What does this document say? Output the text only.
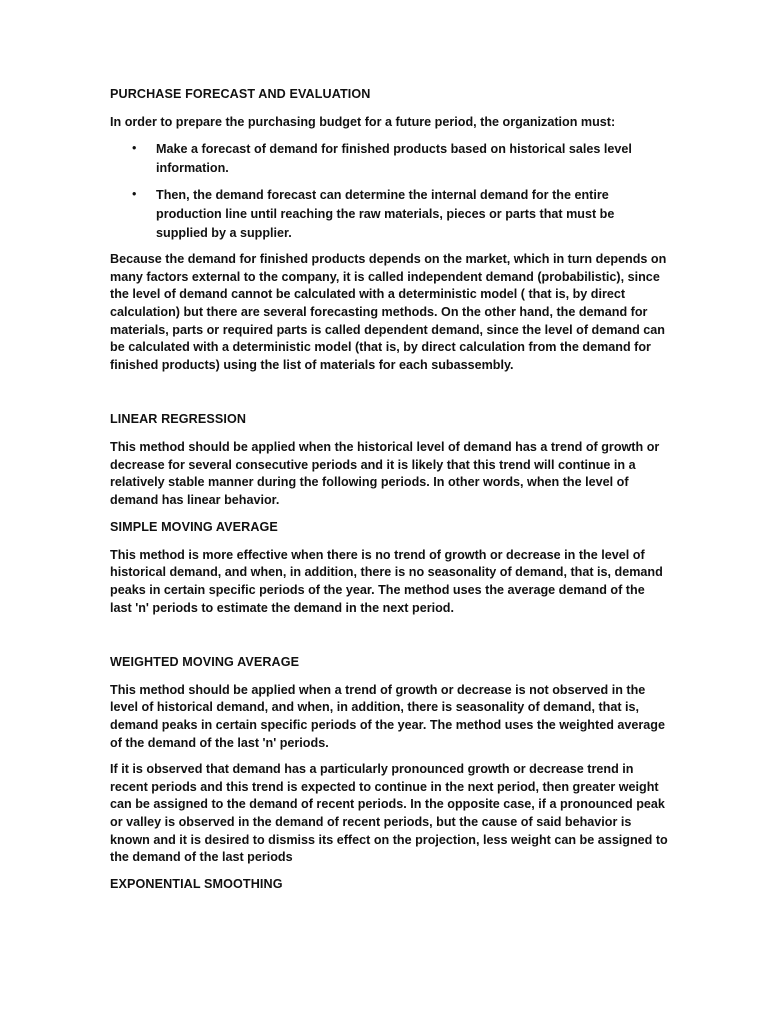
PURCHASE FORECAST AND EVALUATION

In order to prepare the purchasing budget for a future period, the organization must:

• Make a forecast of demand for finished products based on historical sales level information.
• Then, the demand forecast can determine the internal demand for the entire production line until reaching the raw materials, pieces or parts that must be supplied by a supplier.

Because the demand for finished products depends on the market, which in turn depends on many factors external to the company, it is called independent demand (probabilistic), since the level of demand cannot be calculated with a deterministic model ( that is, by direct calculation) but there are several forecasting methods. On the other hand, the demand for materials, parts or required parts is called dependent demand, since the level of demand can be calculated with a deterministic model (that is, by direct calculation from the demand for finished products) using the list of materials for each subassembly.

LINEAR REGRESSION

This method should be applied when the historical level of demand has a trend of growth or decrease for several consecutive periods and it is likely that this trend will continue in a relatively stable manner during the following periods. In other words, when the level of demand has linear behavior.

SIMPLE MOVING AVERAGE

This method is more effective when there is no trend of growth or decrease in the level of historical demand, and when, in addition, there is no seasonality of demand, that is, demand peaks in certain specific periods of the year. The method uses the average demand of the last 'n' periods to estimate the demand in the next period.

WEIGHTED MOVING AVERAGE

This method should be applied when a trend of growth or decrease is not observed in the level of historical demand, and when, in addition, there is seasonality of demand, that is, demand peaks in certain specific periods of the year. The method uses the weighted average of the demand of the last 'n' periods.

If it is observed that demand has a particularly pronounced growth or decrease trend in recent periods and this trend is expected to continue in the next period, then greater weight can be assigned to the demand of recent periods. In the opposite case, if a pronounced peak or valley is observed in the demand of recent periods, but the cause of said behavior is known and it is desired to dismiss its effect on the projection, less weight can be assigned to the demand of the last periods

EXPONENTIAL SMOOTHING
